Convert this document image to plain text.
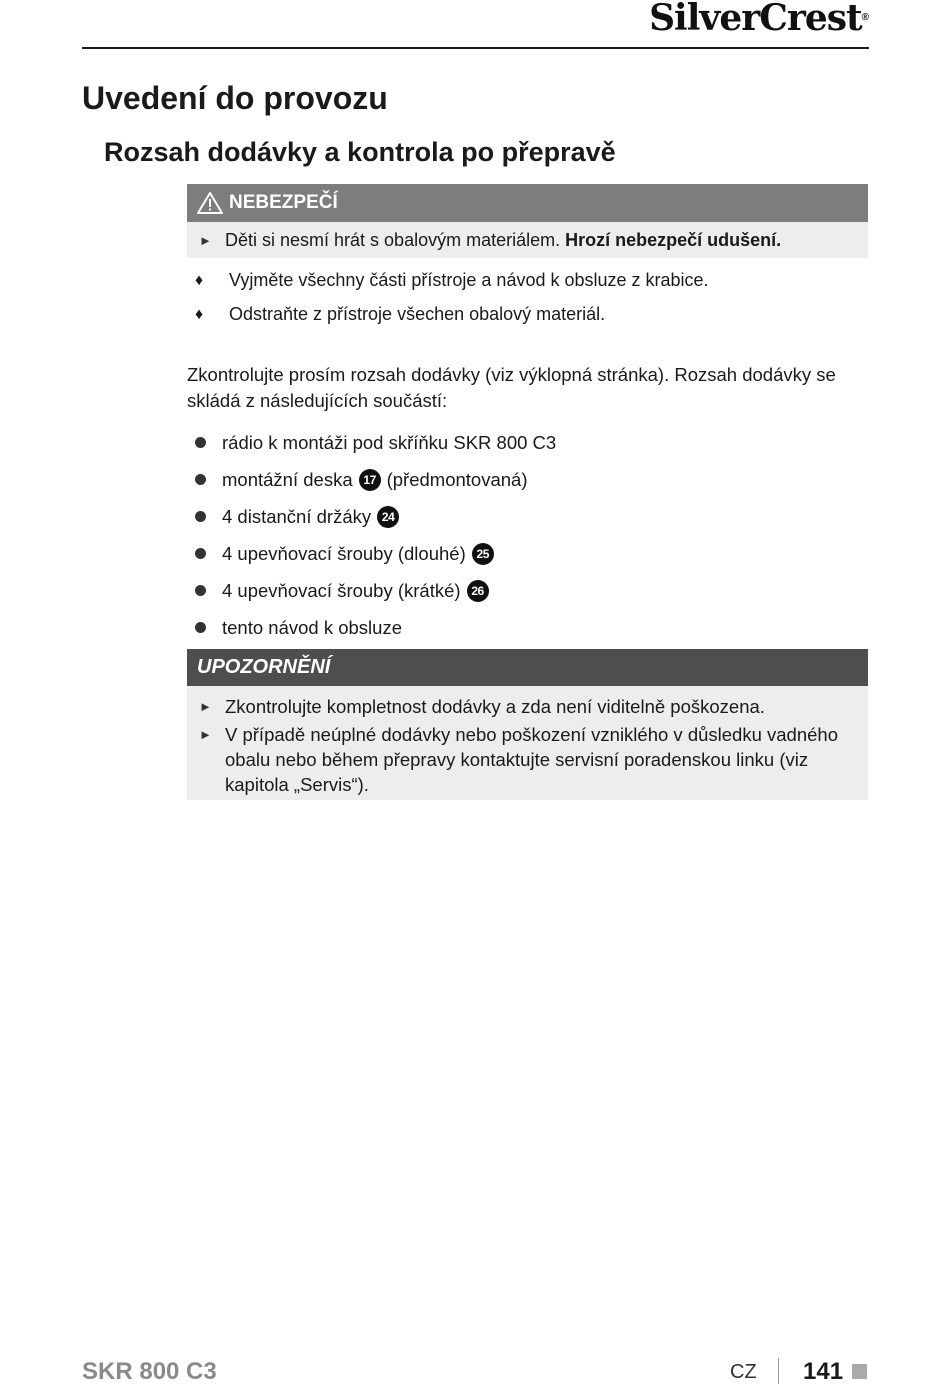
SilverCrest®
Uvedení do provozu
Rozsah dodávky a kontrola po přepravě
NEBEZPEČÍ
► Děti si nesmí hrát s obalovým materiálem. Hrozí nebezpečí udušení.
♦	Vyjměte všechny části přístroje a návod k obsluze z krabice.
♦	Odstraňte z přístroje všechen obalový materiál.

Zkontrolujte prosím rozsah dodávky (viz výklopná stránka). Rozsah dodávky se skládá z následujících součástí:

rádio k montáži pod skříňku SKR 800 C3
montážní deska 17 (předmontovaná)
4 distanční držáky 24
4 upevňovací šrouby (dlouhé) 25
4 upevňovací šrouby (krátké) 26
tento návod k obsluze
UPOZORNĚNÍ
► Zkontrolujte kompletnost dodávky a zda není viditelně poškozena.
► V případě neúplné dodávky nebo poškození vzniklého v důsledku vadného obalu nebo během přepravy kontaktujte servisní poradenskou linku (viz kapitola „Servis“).
SKR 800 C3	CZ 141
